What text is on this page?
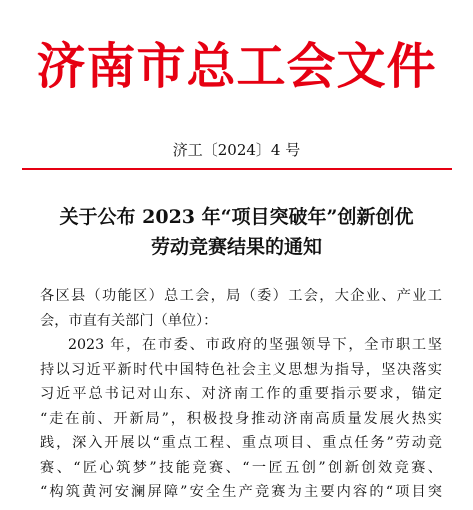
济南市总工会文件
济工〔2024〕4 号
关于公布 2023 年“项目突破年”创新创优
劳动竞赛结果的通知
各区县（功能区）总工会，局（委）工会，大企业、产业工
会，市直有关部门（单位）：
2023 年，在市委、市政府的坚强领导下，全市职工坚
持以习近平新时代中国特色社会主义思想为指导，坚决落实
习近平总书记对山东、对济南工作的重要指示要求，锚定
“走在前、开新局”，积极投身推动济南高质量发展火热实
践，深入开展以“重点工程、重点项目、重点任务”劳动竞
赛、“匠心筑梦”技能竞赛、“一匠五创”创新创效竞赛、
“构筑黄河安澜屏障”安全生产竞赛为主要内容的“项目突
